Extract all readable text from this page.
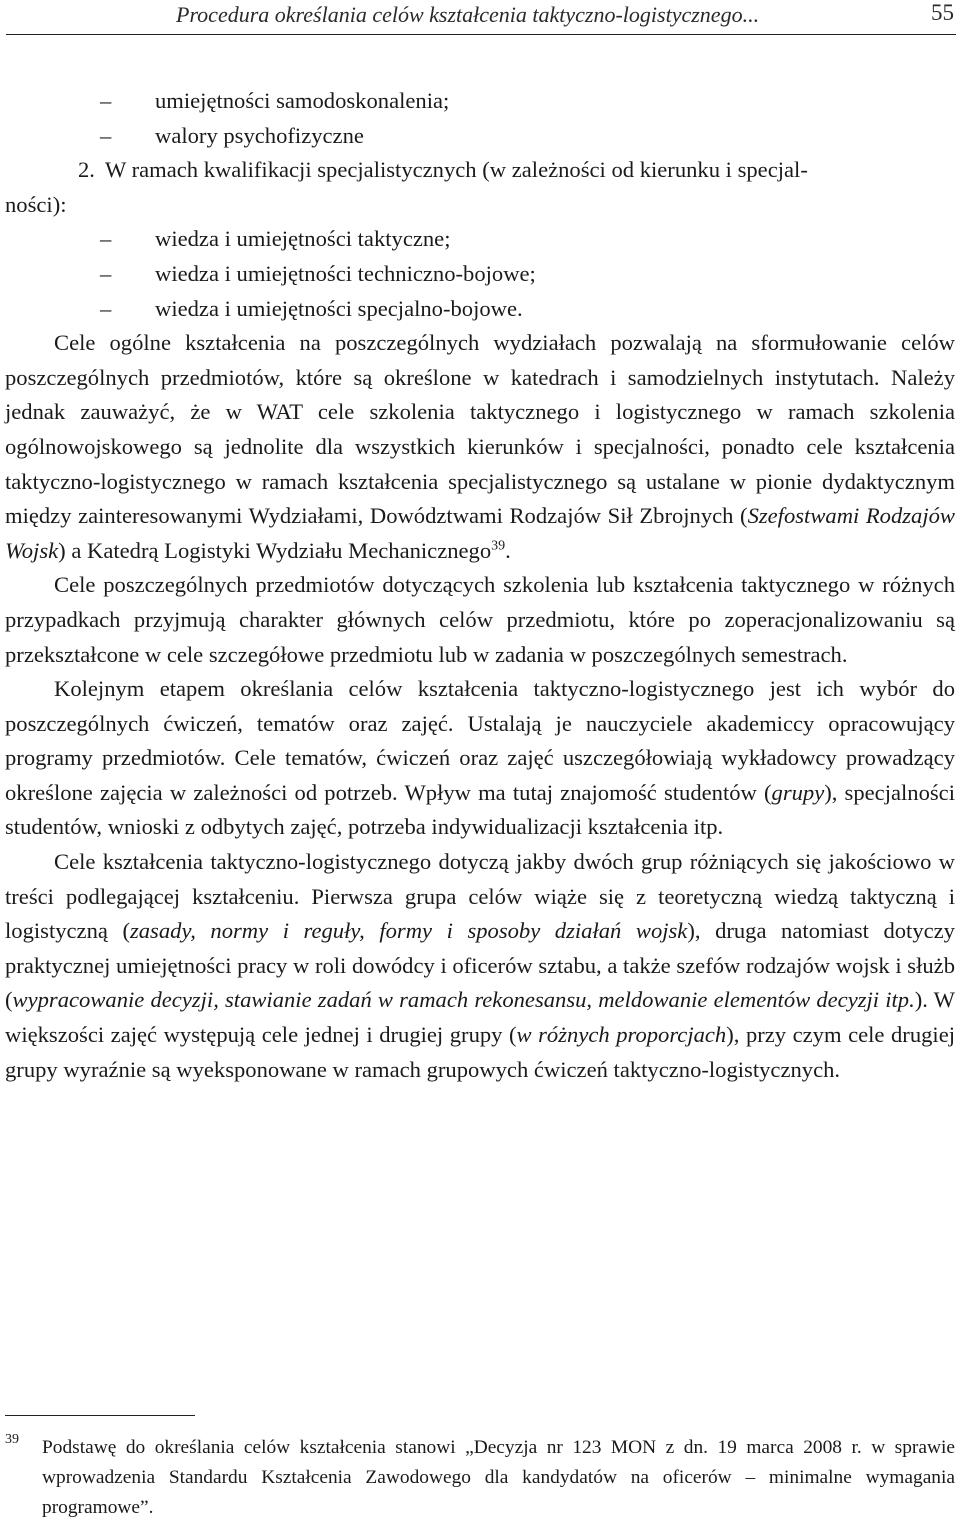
Procedura określania celów kształcenia taktyczno-logistycznego...	55
– umiejętności samodoskonalenia;
– walory psychofizyczne
2. W ramach kwalifikacji specjalistycznych (w zależności od kierunku i specjal-
ności):
– wiedza i umiejętności taktyczne;
– wiedza i umiejętności techniczno-bojowe;
– wiedza i umiejętności specjalno-bojowe.

Cele ogólne kształcenia na poszczególnych wydziałach pozwalają na sformułowanie celów poszczególnych przedmiotów, które są określone w katedrach i samodzielnych instytutach. Należy jednak zauważyć, że w WAT cele szkolenia taktycznego i logistycznego w ramach szkolenia ogólnowojskowego są jednolite dla wszystkich kierunków i specjalności, ponadto cele kształcenia taktyczno-logistycznego w ramach kształcenia specjalistycznego są ustalane w pionie dydaktycznym między zainteresowanymi Wydziałami, Dowództwami Rodzajów Sił Zbrojnych (Szefostwami Rodzajów Wojsk) a Katedrą Logistyki Wydziału Mechanicznego$^{39}$.

Cele poszczególnych przedmiotów dotyczących szkolenia lub kształcenia taktycznego w różnych przypadkach przyjmują charakter głównych celów przedmiotu, które po zoperacjonalizowaniu są przekształcone w cele szczegółowe przedmiotu lub w zadania w poszczególnych semestrach.

Kolejnym etapem określania celów kształcenia taktyczno-logistycznego jest ich wybór do poszczególnych ćwiczeń, tematów oraz zajęć. Ustalają je nauczyciele akademiccy opracowujący programy przedmiotów. Cele tematów, ćwiczeń oraz zajęć uszczegółowiają wykładowcy prowadzący określone zajęcia w zależności od potrzeb. Wpływ ma tutaj znajomość studentów (grupy), specjalności studentów, wnioski z odbytych zajęć, potrzeba indywidualizacji kształcenia itp.

Cele kształcenia taktyczno-logistycznego dotyczą jakby dwóch grup różniących się jakościowo w treści podlegającej kształceniu. Pierwsza grupa celów wiąże się z teoretyczną wiedzą taktyczną i logistyczną (zasady, normy i reguły, formy i sposoby działań wojsk), druga natomiast dotyczy praktycznej umiejętności pracy w roli dowódcy i oficerów sztabu, a także szefów rodzajów wojsk i służb (wypracowanie decyzji, stawianie zadań w ramach rekonesansu, meldowanie elementów decyzji itp.). W większości zajęć występują cele jednej i drugiej grupy (w różnych proporcjach), przy czym cele drugiej grupy wyraźnie są wyeksponowane w ramach grupowych ćwiczeń taktyczno-logistycznych.

39	Podstawę do określania celów kształcenia stanowi „Decyzja nr 123 MON z dn. 19 marca 2008 r. w sprawie wprowadzenia Standardu Kształcenia Zawodowego dla kandydatów na oficerów – minimalne wymagania programowe”.
